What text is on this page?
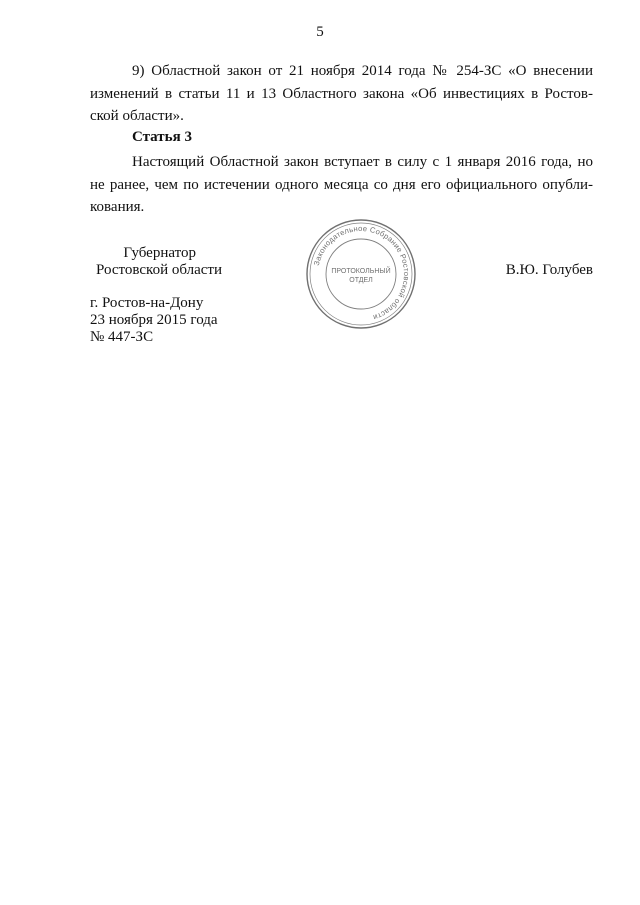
5
9) Областной закон от 21 ноября 2014 года № 254-ЗС «О внесении
изменений в статьи 11 и 13 Областного закона «Об инвестициях в Ростов-
ской области».
Статья 3
Настоящий Областной закон вступает в силу с 1 января 2016 года, но
не ранее, чем по истечении одного месяца со дня его официального опубли-
кования.
Губернатор
Ростовской области	Законодательное Собрание Ростовской области
ПРОТОКОЛЬНЫЙ
ОТДЕЛ
В.Ю. Голубев
г. Ростов-на-Дону
23 ноября 2015 года
№ 447-ЗС
